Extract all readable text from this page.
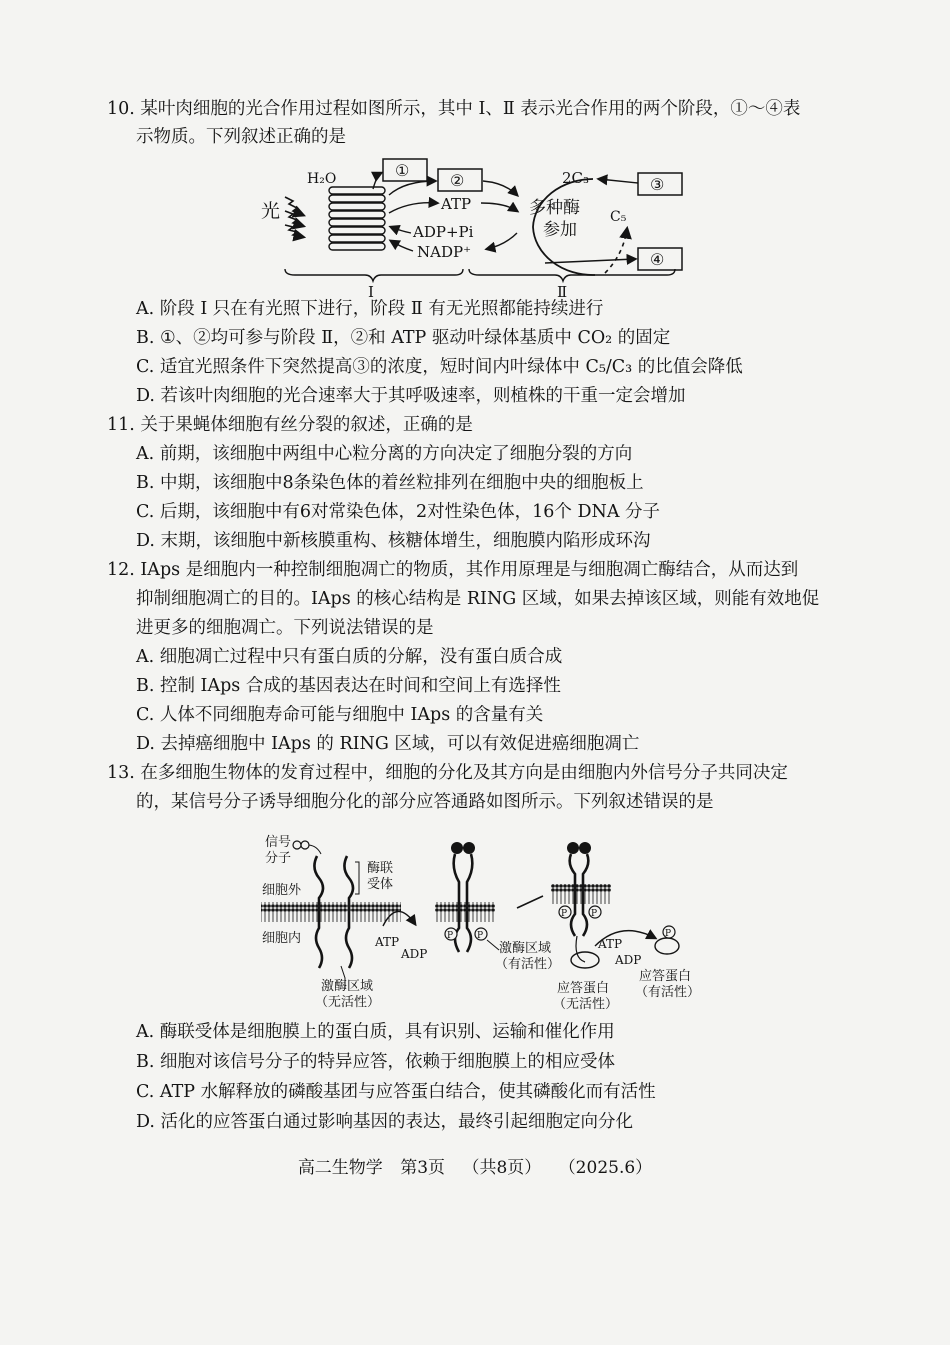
10. 某叶肉细胞的光合作用过程如图所示，其中 Ⅰ、Ⅱ 表示光合作用的两个阶段，①～④表
示物质。下列叙述正确的是
光
H₂O	①
②
ATP
ADP+Pi
NADP⁺
2C₃
C₅
多种酶
参加
③
④
Ⅰ	Ⅱ
A. 阶段 Ⅰ 只在有光照下进行，阶段 Ⅱ 有无光照都能持续进行
B. ①、②均可参与阶段 Ⅱ，②和 ATP 驱动叶绿体基质中 CO₂ 的固定
C. 适宜光照条件下突然提高③的浓度，短时间内叶绿体中 C₅/C₃ 的比值会降低
D. 若该叶肉细胞的光合速率大于其呼吸速率，则植株的干重一定会增加
11. 关于果蝇体细胞有丝分裂的叙述，正确的是
A. 前期，该细胞中两组中心粒分离的方向决定了细胞分裂的方向
B. 中期，该细胞中8条染色体的着丝粒排列在细胞中央的细胞板上
C. 后期，该细胞中有6对常染色体，2对性染色体，16个 DNA 分子
D. 末期，该细胞中新核膜重构、核糖体增生，细胞膜内陷形成环沟
12. IAps 是细胞内一种控制细胞凋亡的物质，其作用原理是与细胞凋亡酶结合，从而达到
抑制细胞凋亡的目的。IAps 的核心结构是 RING 区域，如果去掉该区域，则能有效地促
进更多的细胞凋亡。下列说法错误的是
A. 细胞凋亡过程中只有蛋白质的分解，没有蛋白质合成
B. 控制 IAps 合成的基因表达在时间和空间上有选择性
C. 人体不同细胞寿命可能与细胞中 IAps 的含量有关
D. 去掉癌细胞中 IAps 的 RING 区域，可以有效促进癌细胞凋亡
13. 在多细胞生物体的发育过程中，细胞的分化及其方向是由细胞内外信号分子共同决定
的，某信号分子诱导细胞分化的部分应答通路如图所示。下列叙述错误的是
信号
分子
细胞外
细胞内
酶联
受体
激酶区域
（无活性）
ATP
ADP
P	P
激酶区域
（有活性）
P	P
ATP
ADP
P
应答蛋白
（无活性）
应答蛋白
（有活性）
A. 酶联受体是细胞膜上的蛋白质，具有识别、运输和催化作用
B. 细胞对该信号分子的特异应答，依赖于细胞膜上的相应受体
C. ATP 水解释放的磷酸基团与应答蛋白结合，使其磷酸化而有活性
D. 活化的应答蛋白通过影响基因的表达，最终引起细胞定向分化
高二生物学 第3页 （共8页） （2025.6）
